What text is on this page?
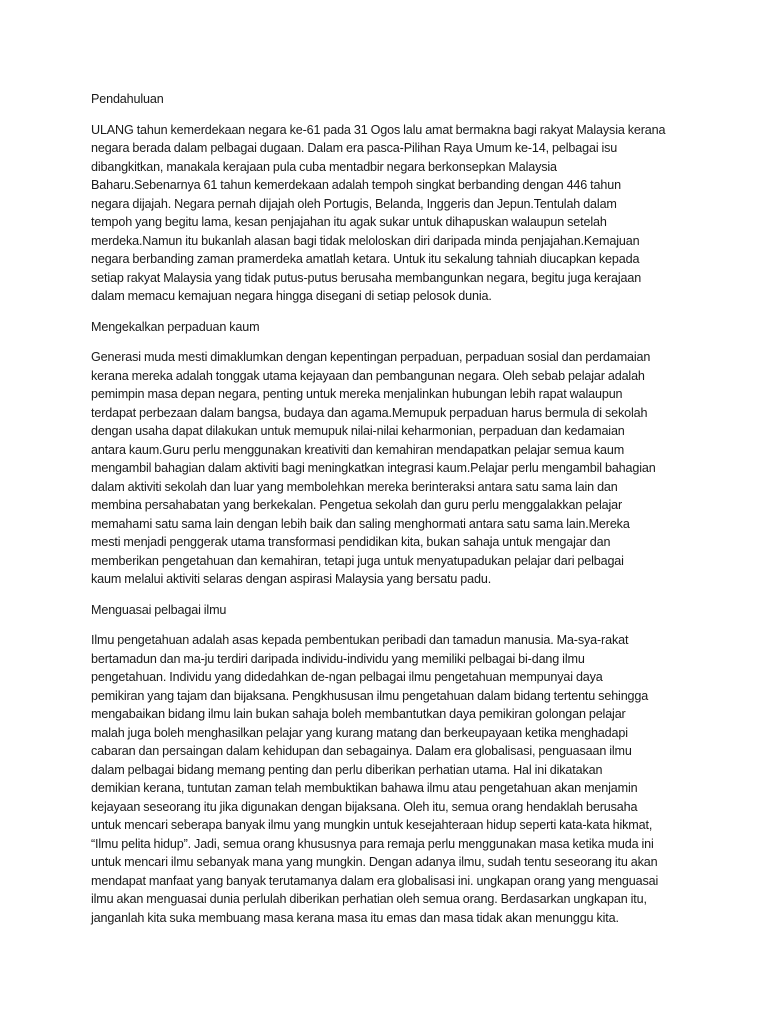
Pendahuluan
ULANG tahun kemerdekaan negara ke-61 pada 31 Ogos lalu amat bermakna bagi rakyat Malaysia kerana
negara berada dalam pelbagai dugaan. Dalam era pasca-Pilihan Raya Umum ke-14, pelbagai isu
dibangkitkan, manakala kerajaan pula cuba mentadbir negara berkonsepkan Malaysia
Baharu.Sebenarnya 61 tahun kemerdekaan adalah tempoh singkat berbanding dengan 446 tahun
negara dijajah. Negara pernah dijajah oleh Portugis, Belanda, Inggeris dan Jepun.Tentulah dalam
tempoh yang begitu lama, kesan penjajahan itu agak sukar untuk dihapuskan walaupun setelah
merdeka.Namun itu bukanlah alasan bagi tidak meloloskan diri daripada minda penjajahan.Kemajuan
negara berbanding zaman pramerdeka amatlah ketara. Untuk itu sekalung tahniah diucapkan kepada
setiap rakyat Malaysia yang tidak putus-putus berusaha membangunkan negara, begitu juga kerajaan
dalam memacu kemajuan negara hingga disegani di setiap pelosok dunia.
Mengekalkan perpaduan kaum
Generasi muda mesti dimaklumkan dengan kepentingan perpaduan, perpaduan sosial dan perdamaian
kerana mereka adalah tonggak utama kejayaan dan pembangunan negara. Oleh sebab pelajar adalah
pemimpin masa depan negara, penting untuk mereka menjalinkan hubungan lebih rapat walaupun
terdapat perbezaan dalam bangsa, budaya dan agama.Memupuk perpaduan harus bermula di sekolah
dengan usaha dapat dilakukan untuk memupuk nilai-nilai keharmonian, perpaduan dan kedamaian
antara kaum.Guru perlu menggunakan kreativiti dan kemahiran mendapatkan pelajar semua kaum
mengambil bahagian dalam aktiviti bagi meningkatkan integrasi kaum.Pelajar perlu mengambil bahagian
dalam aktiviti sekolah dan luar yang membolehkan mereka berinteraksi antara satu sama lain dan
membina persahabatan yang berkekalan. Pengetua sekolah dan guru perlu menggalakkan pelajar
memahami satu sama lain dengan lebih baik dan saling menghormati antara satu sama lain.Mereka
mesti menjadi penggerak utama transformasi pendidikan kita, bukan sahaja untuk mengajar dan
memberikan pengetahuan dan kemahiran, tetapi juga untuk menyatupadukan pelajar dari pelbagai
kaum melalui aktiviti selaras dengan aspirasi Malaysia yang bersatu padu.
Menguasai pelbagai ilmu
Ilmu pengetahuan adalah asas kepada pembentukan peribadi dan tamadun manusia. Ma-sya-rakat
bertamadun dan ma-ju terdiri daripada individu-individu yang memiliki pelbagai bi-dang ilmu
pengetahuan. Individu yang didedahkan de-ngan pelbagai ilmu pengetahuan mempunyai daya
pemikiran yang tajam dan bijaksana. Pengkhususan ilmu pengetahuan dalam bidang tertentu sehingga
mengabaikan bidang ilmu lain bukan sahaja boleh membantutkan daya pemikiran golongan pelajar
malah juga boleh menghasilkan pelajar yang kurang matang dan berkeupayaan ketika menghadapi
cabaran dan persaingan dalam kehidupan dan sebagainya. Dalam era globalisasi, penguasaan ilmu
dalam pelbagai bidang memang penting dan perlu diberikan perhatian utama. Hal ini dikatakan
demikian kerana, tuntutan zaman telah membuktikan bahawa ilmu atau pengetahuan akan menjamin
kejayaan seseorang itu jika digunakan dengan bijaksana. Oleh itu, semua orang hendaklah berusaha
untuk mencari seberapa banyak ilmu yang mungkin untuk kesejahteraan hidup seperti kata-kata hikmat,
“Ilmu pelita hidup”. Jadi, semua orang khususnya para remaja perlu menggunakan masa ketika muda ini
untuk mencari ilmu sebanyak mana yang mungkin. Dengan adanya ilmu, sudah tentu seseorang itu akan
mendapat manfaat yang banyak terutamanya dalam era globalisasi ini. ungkapan orang yang menguasai
ilmu akan menguasai dunia perlulah diberikan perhatian oleh semua orang. Berdasarkan ungkapan itu,
janganlah kita suka membuang masa kerana masa itu emas dan masa tidak akan menunggu kita.
